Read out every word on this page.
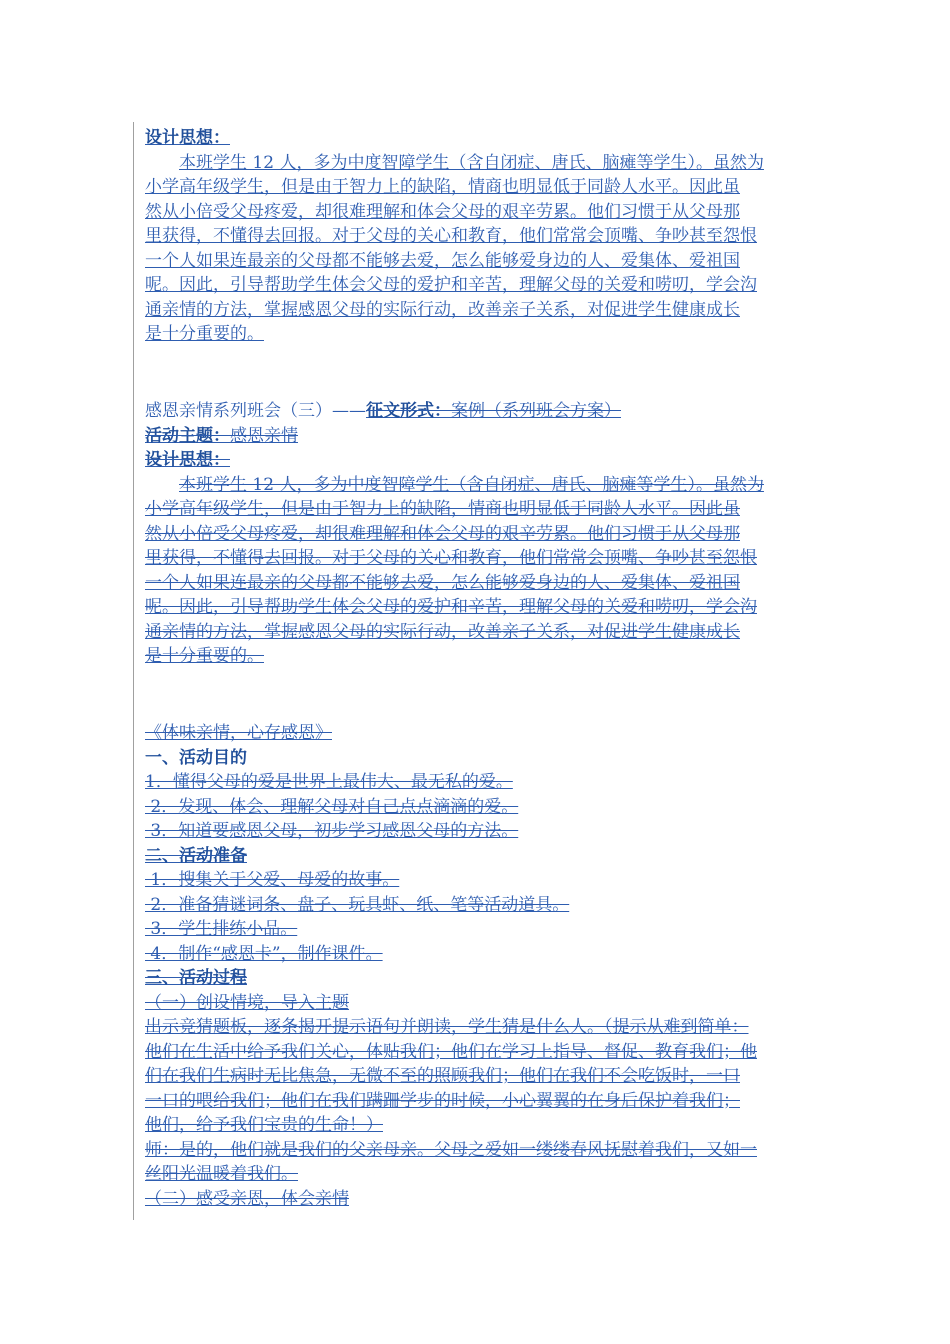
设计思想：
本班学生 12 人，多为中度智障学生（含自闭症、唐氏、脑瘫等学生）。虽然为
小学高年级学生，但是由于智力上的缺陷，情商也明显低于同龄人水平。因此虽
然从小倍受父母疼爱，却很难理解和体会父母的艰辛劳累。他们习惯于从父母那
里获得，不懂得去回报。对于父母的关心和教育，他们常常会顶嘴、争吵甚至怨恨
一个人如果连最亲的父母都不能够去爱，怎么能够爱身边的人、爱集体、爱祖国
呢。因此，引导帮助学生体会父母的爱护和辛苦，理解父母的关爱和唠叨，学会沟
通亲情的方法，掌握感恩父母的实际行动，改善亲子关系，对促进学生健康成长
是十分重要的。
感恩亲情系列班会（三）——征文形式：案例（系列班会方案）
活动主题：感恩亲情
设计思想：
本班学生 12 人，多为中度智障学生（含自闭症、唐氏、脑瘫等学生）。虽然为
小学高年级学生，但是由于智力上的缺陷，情商也明显低于同龄人水平。因此虽
然从小倍受父母疼爱，却很难理解和体会父母的艰辛劳累。他们习惯于从父母那
里获得，不懂得去回报。对于父母的关心和教育，他们常常会顶嘴、争吵甚至怨恨
一个人如果连最亲的父母都不能够去爱，怎么能够爱身边的人、爱集体、爱祖国
呢。因此，引导帮助学生体会父母的爱护和辛苦，理解父母的关爱和唠叨，学会沟
通亲情的方法，掌握感恩父母的实际行动，改善亲子关系，对促进学生健康成长
是十分重要的。
《体味亲情，心存感恩》
一、活动目的
1．懂得父母的爱是世界上最伟大、最无私的爱。
2．发现、体会、理解父母对自己点点滴滴的爱。
3．知道要感恩父母，初步学习感恩父母的方法。
二、活动准备
1．搜集关于父爱、母爱的故事。
2．准备猜谜词条、盘子、玩具虾、纸、笔等活动道具。
3．学生排练小品。
4．制作“感恩卡”，制作课件。
三、活动过程
（一）创设情境，导入主题
出示竞猜题板，逐条揭开提示语句并朗读，学生猜是什么人。（提示从难到简单：
他们在生活中给予我们关心，体贴我们；他们在学习上指导、督促、教育我们；他
们在我们生病时无比焦急，无微不至的照顾我们；他们在我们不会吃饭时，一口
一口的喂给我们；他们在我们蹒跚学步的时候，小心翼翼的在身后保护着我们；
他们，给予我们宝贵的生命！）
师：是的，他们就是我们的父亲母亲。父母之爱如一缕缕春风抚慰着我们，又如一
丝阳光温暖着我们。
（二）感受亲恩，体会亲情
